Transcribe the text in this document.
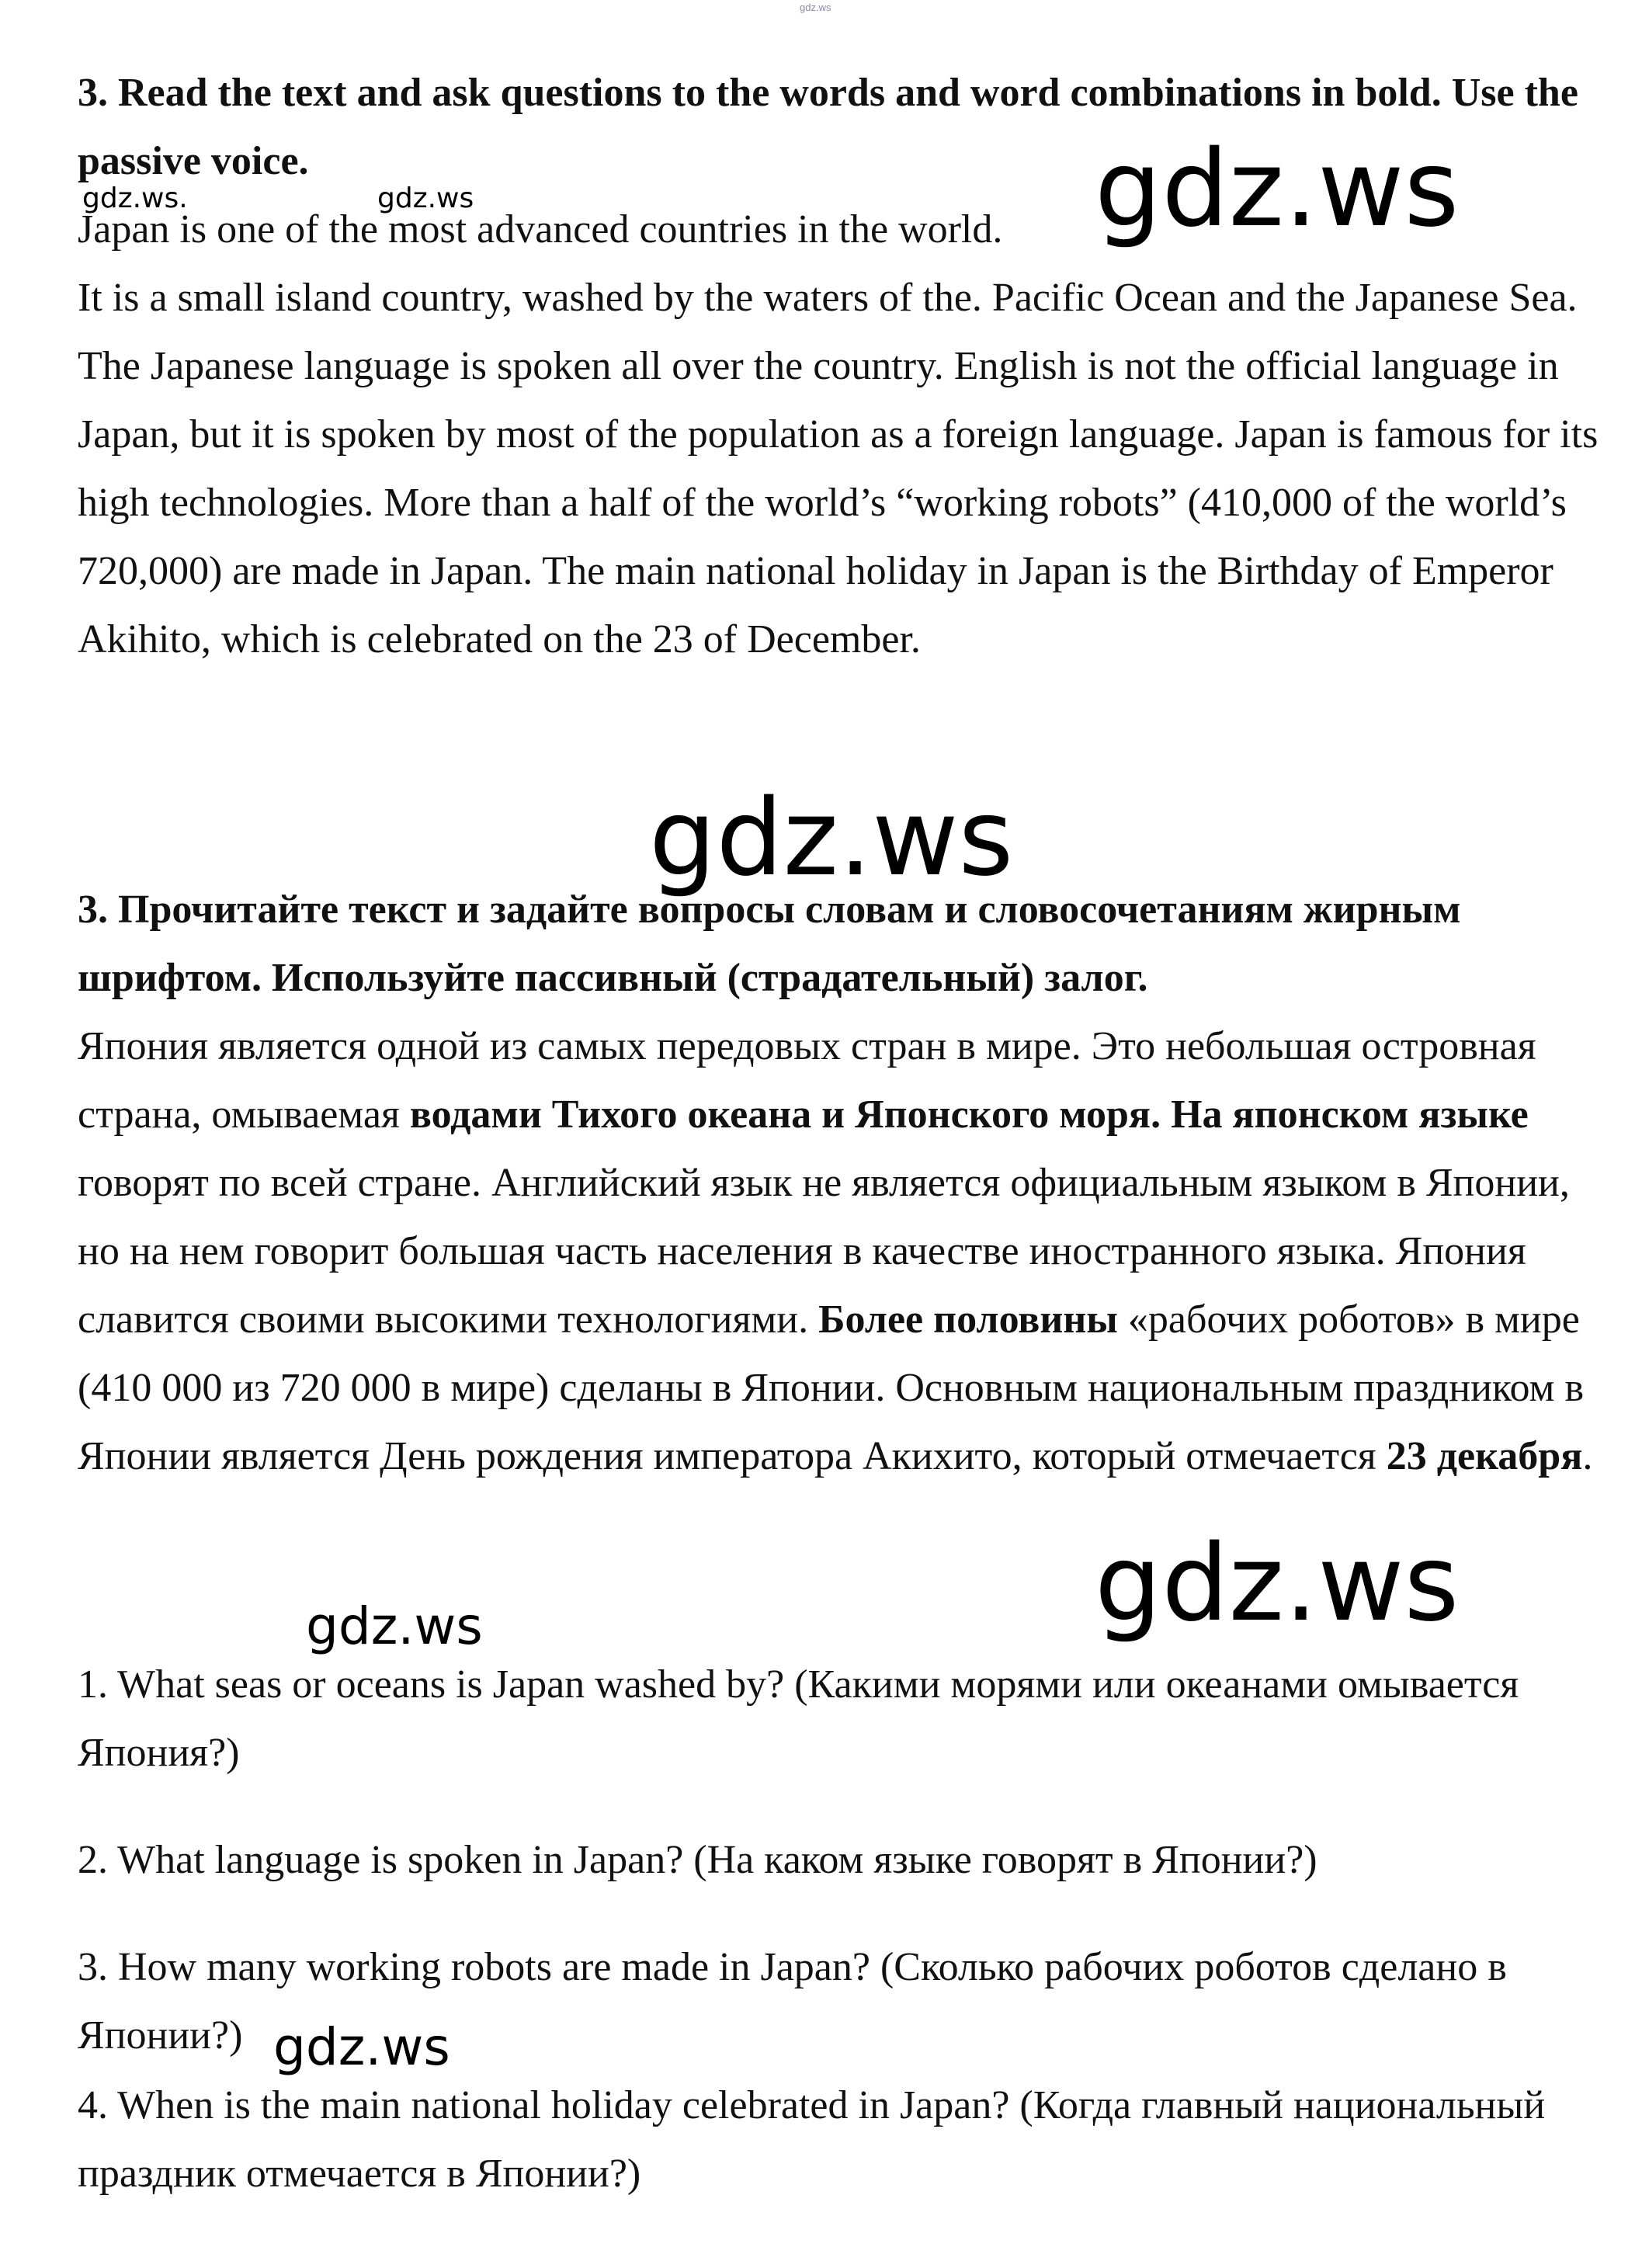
gdz.ws

3. Read the text and ask questions to the words and word combinations in bold. Use the passive voice.

Japan is one of the most advanced countries in the world.
It is a small island country, washed by the waters of the. Pacific Ocean and the Japanese Sea. The Japanese language is spoken all over the country. English is not the official language in Japan, but it is spoken by most of the population as a foreign language. Japan is famous for its high technologies. More than a half of the world’s “working robots” (410,000 of the world’s 720,000) are made in Japan. The main national holiday in Japan is the Birthday of Emperor Akihito, which is celebrated on the 23 of December.

3. Прочитайте текст и задайте вопросы словам и словосочетаниям жирным шрифтом. Используйте пассивный (страдательный) залог.

Япония является одной из самых передовых стран в мире. Это небольшая островная страна, омываемая водами Тихого океана и Японского моря. На японском языке говорят по всей стране. Английский язык не является официальным языком в Японии, но на нем говорит большая часть населения в качестве иностранного языка. Япония славится своими высокими технологиями. Более половины «рабочих роботов» в мире (410 000 из 720 000 в мире) сделаны в Японии. Основным национальным праздником в Японии является День рождения императора Акихито, который отмечается 23 декабря.

1. What seas or oceans is Japan washed by? (Какими морями или океанами омывается Япония?)

2. What language is spoken in Japan? (На каком языке говорят в Японии?)

3. How many working robots are made in Japan? (Сколько рабочих роботов сделано в Японии?)

4. When is the main national holiday celebrated in Japan? (Когда главный национальный праздник отмечается в Японии?)

gdz.ws
gdz.ws
gdz.ws
gdz.ws
gdz.ws
gdz.ws.	gdz.ws
